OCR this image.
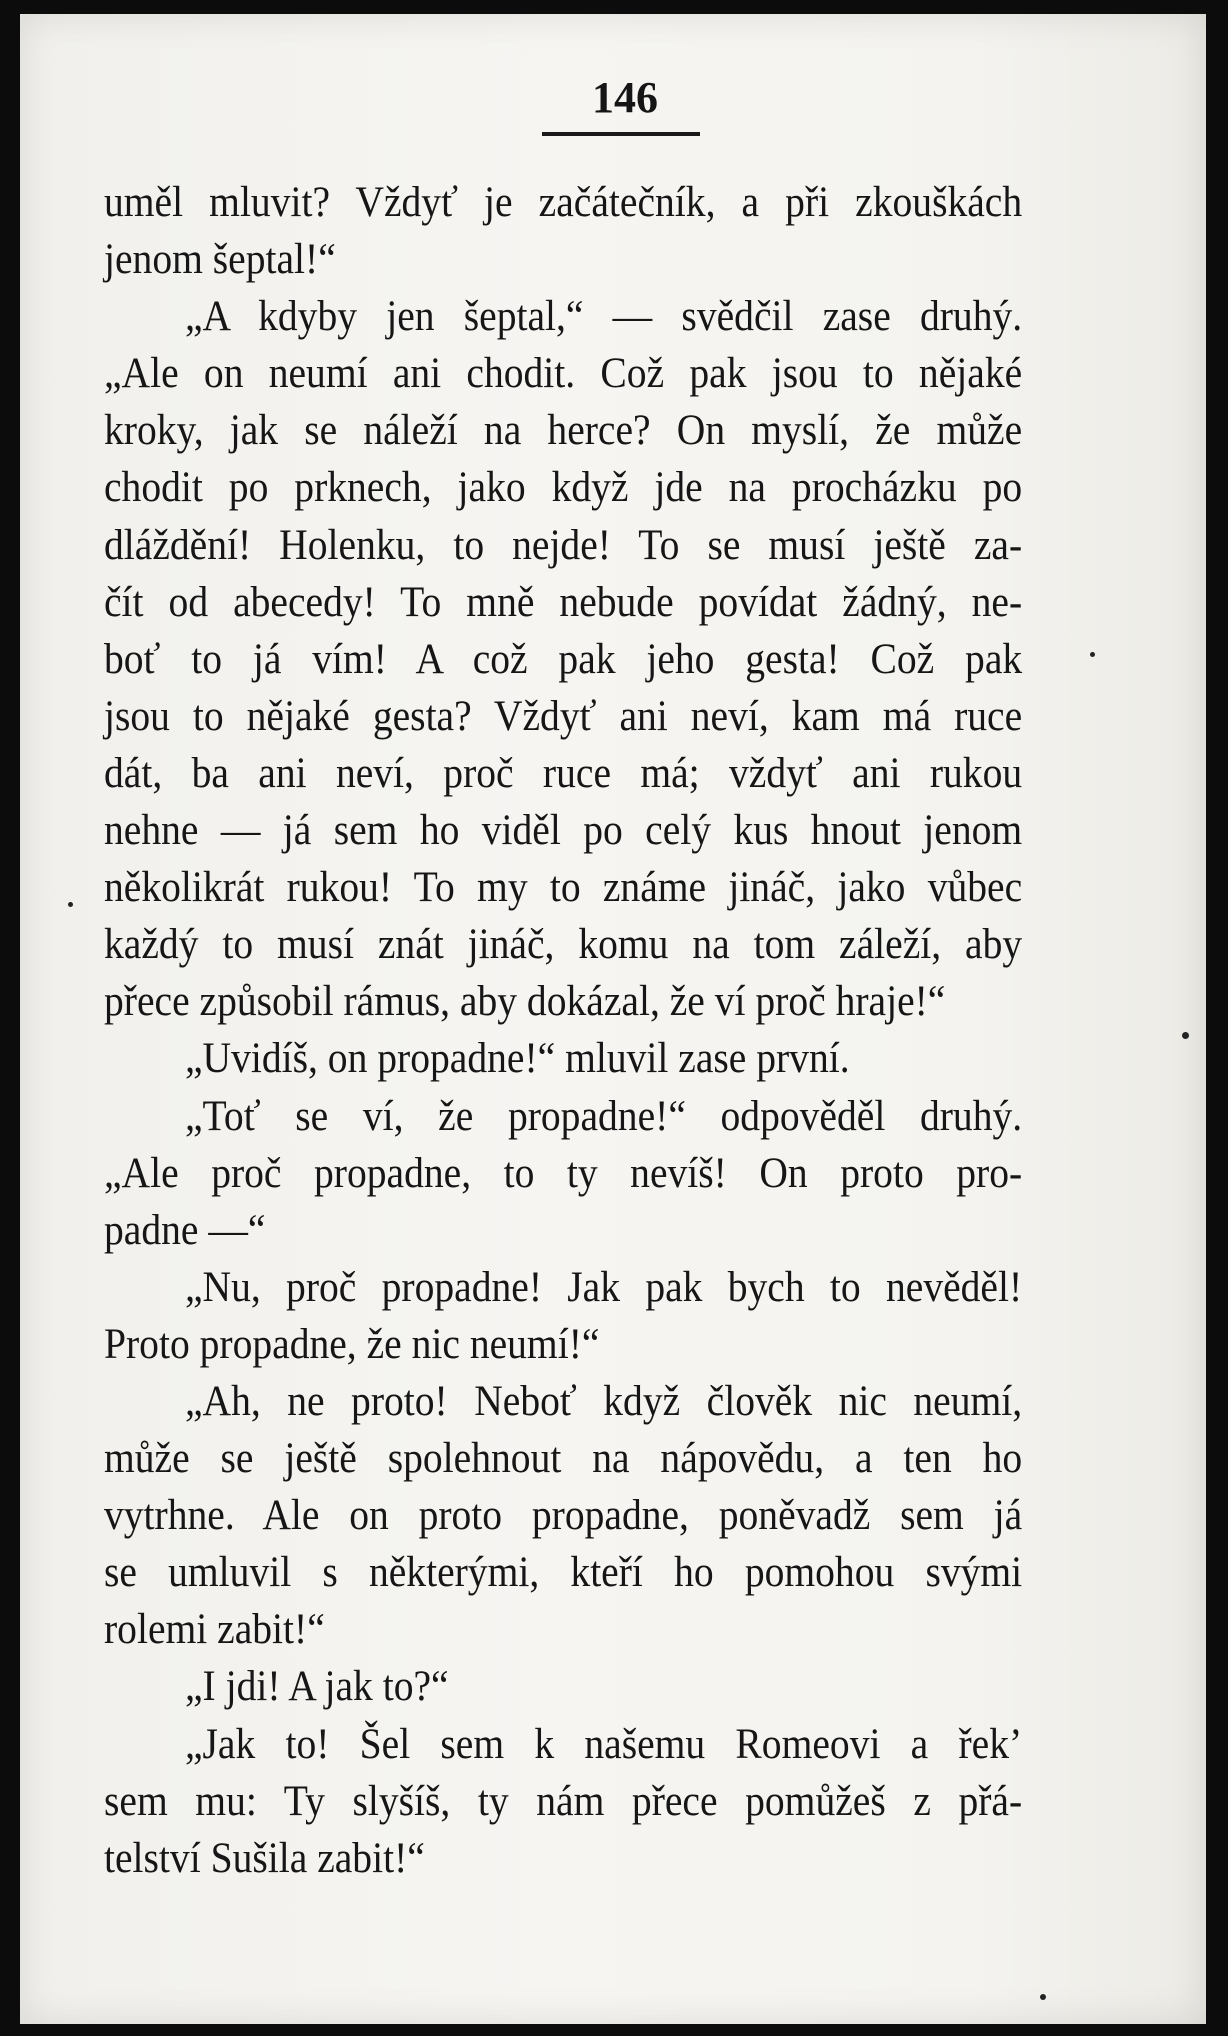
146

uměl mluvit? Vždyť je začátečník, a při zkouškách
jenom šeptal!“

„A kdyby jen šeptal,“ — svědčil zase druhý.
„Ale on neumí ani chodit. Což pak jsou to nějaké
kroky, jak se náleží na herce? On myslí, že může
chodit po prknech, jako když jde na procházku po
dláždění! Holenku, to nejde! To se musí ještě za-
čít od abecedy! To mně nebude povídat žádný, ne-
boť to já vím! A což pak jeho gesta! Což pak
jsou to nějaké gesta? Vždyť ani neví, kam má ruce
dát, ba ani neví, proč ruce má; vždyť ani rukou
nehne — já sem ho viděl po celý kus hnout jenom
několikrát rukou! To my to známe jináč, jako vůbec
každý to musí znát jináč, komu na tom záleží, aby
přece způsobil rámus, aby dokázal, že ví proč hraje!“

„Uvidíš, on propadne!“ mluvil zase první.

„Toť se ví, že propadne!“ odpověděl druhý.
„Ale proč propadne, to ty nevíš! On proto pro-
padne —“

„Nu, proč propadne! Jak pak bych to nevěděl!
Proto propadne, že nic neumí!“

„Ah, ne proto! Neboť když člověk nic neumí,
může se ještě spolehnout na nápovědu, a ten ho
vytrhne. Ale on proto propadne, poněvadž sem já
se umluvil s některými, kteří ho pomohou svými
rolemi zabit!“

„I jdi! A jak to?“

„Jak to! Šel sem k našemu Romeovi a řek’
sem mu: Ty slyšíš, ty nám přece pomůžeš z přá-
telství Sušila zabit!“
